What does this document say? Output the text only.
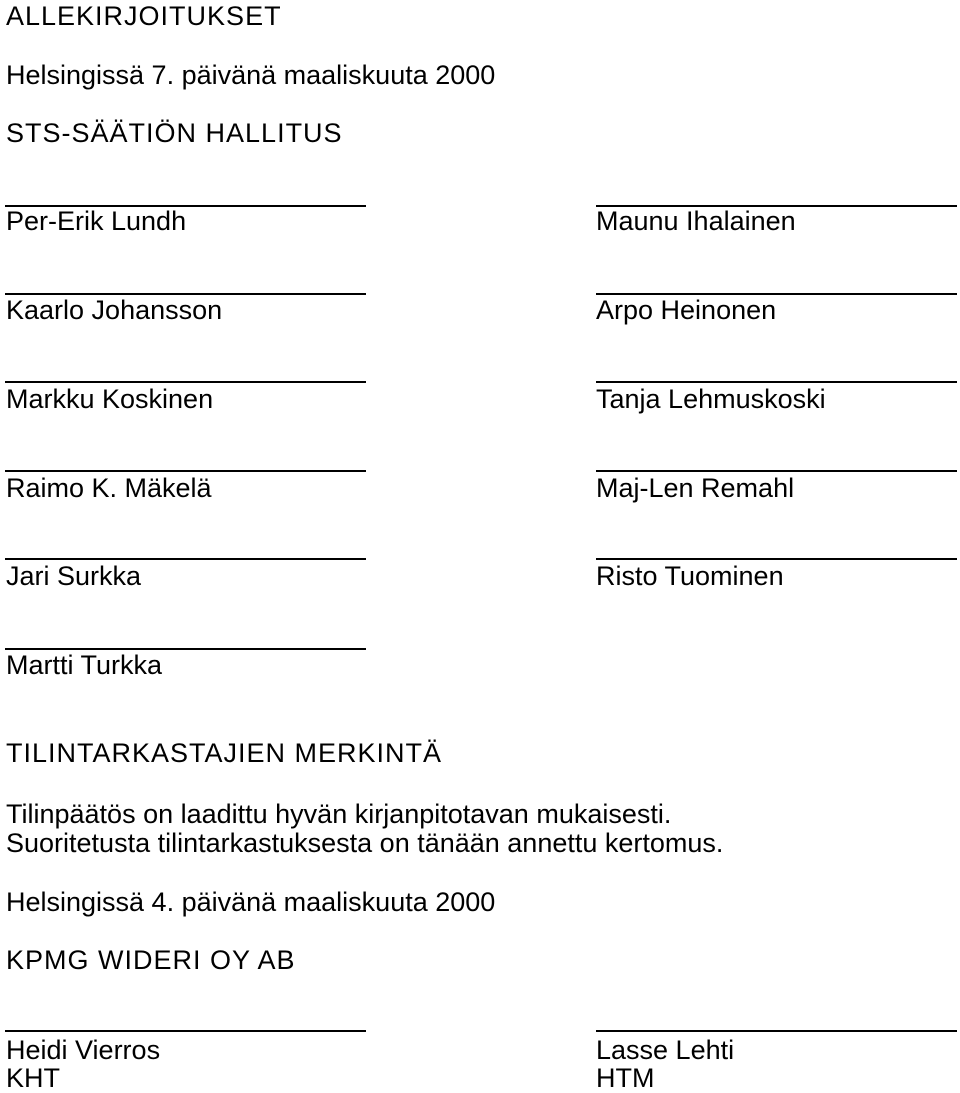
ALLEKIRJOITUKSET
Helsingissä 7. päivänä maaliskuuta 2000
STS-SÄÄTIÖN HALLITUS
Per-Erik Lundh
Kaarlo Johansson
Markku Koskinen
Raimo K. Mäkelä
Jari Surkka
Martti Turkka
Maunu Ihalainen
Arpo Heinonen
Tanja Lehmuskoski
Maj-Len Remahl
Risto Tuominen
TILINTARKASTAJIEN MERKINTÄ
Tilinpäätös on laadittu hyvän kirjanpitotavan mukaisesti.
Suoritetusta tilintarkastuksesta on tänään annettu kertomus.
Helsingissä 4. päivänä maaliskuuta 2000
KPMG WIDERI OY AB
Heidi Vierros
KHT
Lasse Lehti
HTM
